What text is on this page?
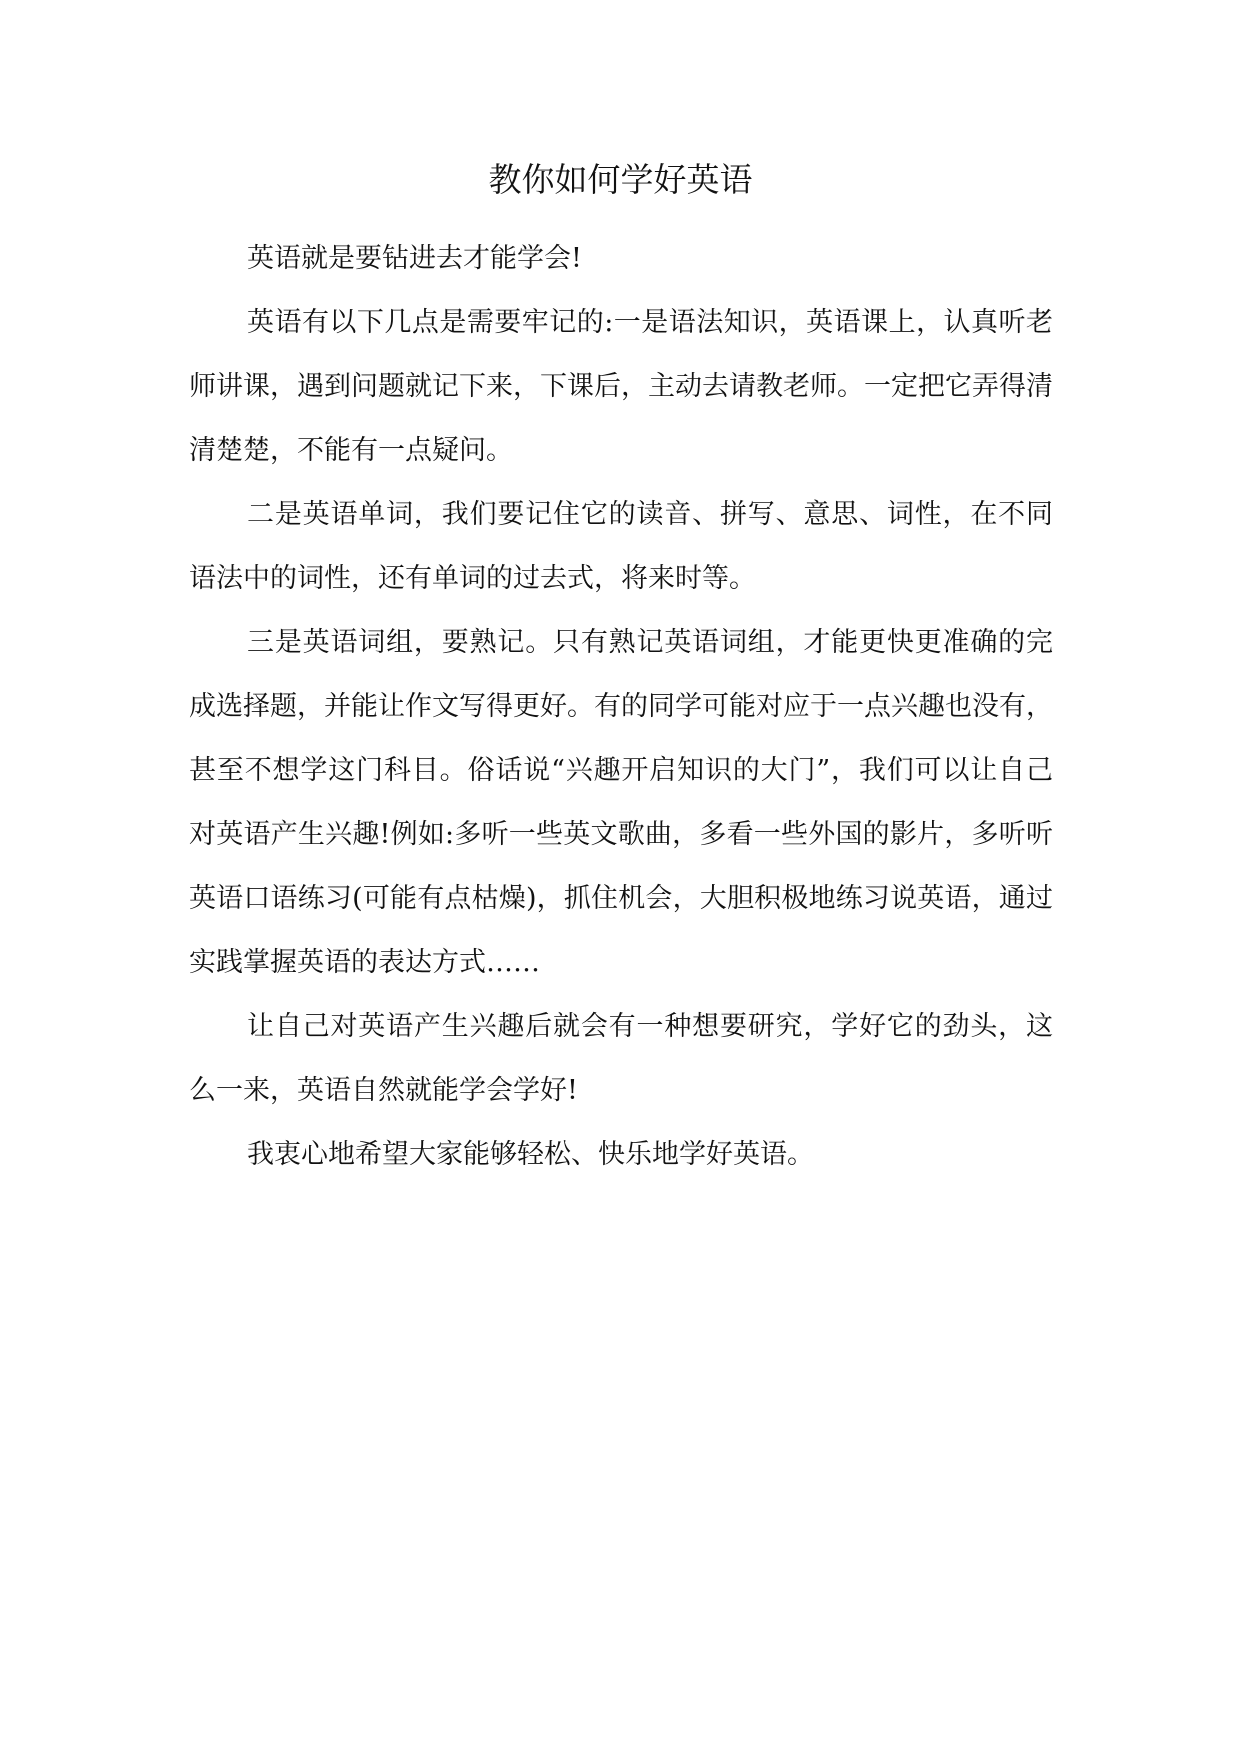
教你如何学好英语

英语就是要钻进去才能学会!

英语有以下几点是需要牢记的:一是语法知识，英语课上，认真听老师讲课，遇到问题就记下来，下课后，主动去请教老师。一定把它弄得清清楚楚，不能有一点疑问。

二是英语单词，我们要记住它的读音、拼写、意思、词性，在不同语法中的词性，还有单词的过去式，将来时等。

三是英语词组，要熟记。只有熟记英语词组，才能更快更准确的完成选择题，并能让作文写得更好。有的同学可能对应于一点兴趣也没有，甚至不想学这门科目。俗话说“兴趣开启知识的大门”，我们可以让自己对英语产生兴趣!例如:多听一些英文歌曲，多看一些外国的影片，多听听英语口语练习(可能有点枯燥)，抓住机会，大胆积极地练习说英语，通过实践掌握英语的表达方式……

让自己对英语产生兴趣后就会有一种想要研究，学好它的劲头，这么一来，英语自然就能学会学好!

我衷心地希望大家能够轻松、快乐地学好英语。
